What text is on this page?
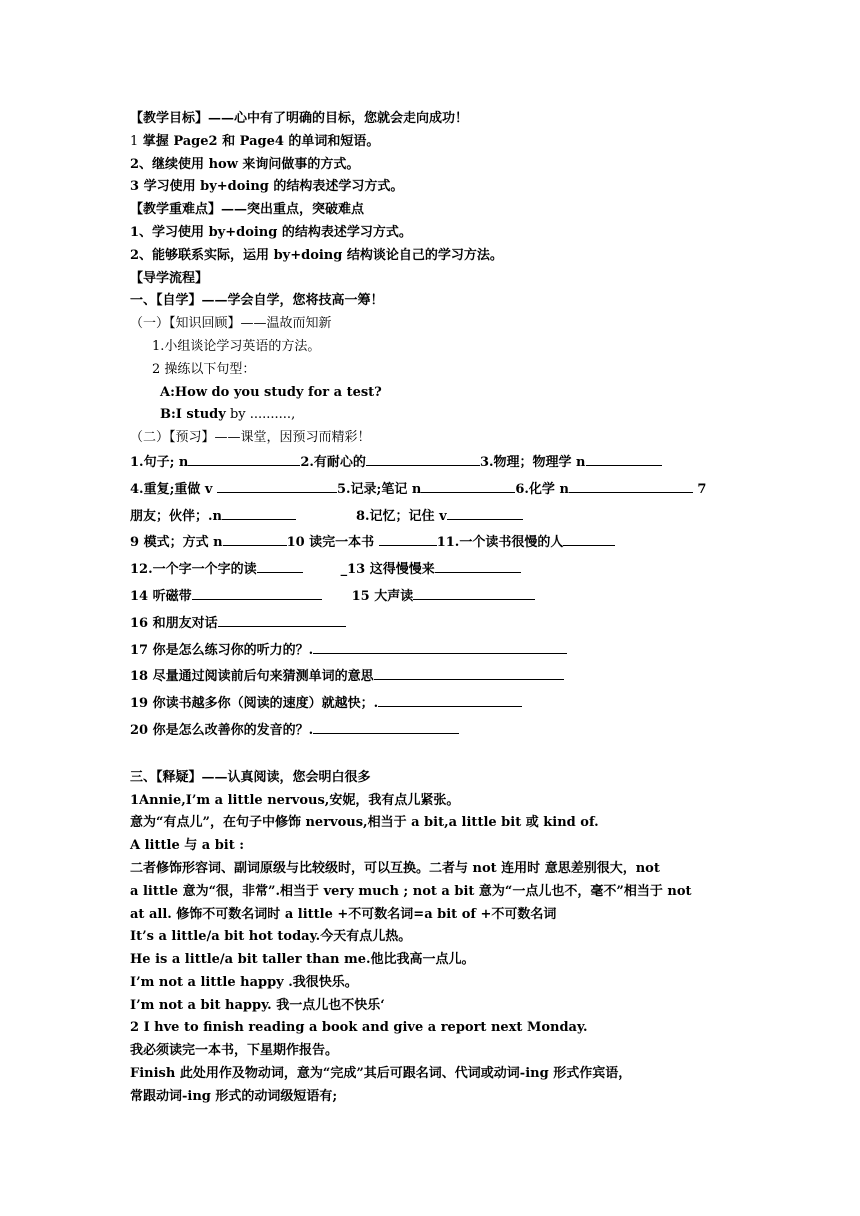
【教学目标】——心中有了明确的目标，您就会走向成功！
1 掌握 Page2 和 Page4 的单词和短语。
2、继续使用 how 来询问做事的方式。
3 学习使用 by+doing 的结构表述学习方式。
【教学重难点】——突出重点，突破难点
1、学习使用 by+doing 的结构表述学习方式。
2、能够联系实际，运用 by+doing 结构谈论自己的学习方法。
【导学流程】
一、【自学】——学会自学，您将技高一筹！
（一）【知识回顾】——温故而知新
1.小组谈论学习英语的方法。
2 操练以下句型：
A:How do you study for a test?
B:I study by ..........,
（二）【预习】——课堂，因预习而精彩！
1.句子; n	2.有耐心的	3.物理；物理学 n
4.重复;重做 v	5.记录;笔记 n	6.化学 n	7
朋友；伙伴；.n	8.记忆；记住 v
9 模式；方式 n	10 读完一本书	11.一个读书很慢的人
12.一个字一个字的读	_13 这得慢慢来
14 听磁带	15 大声读
16 和朋友对话
17 你是怎么练习你的听力的？.
18 尽量通过阅读前后句来猜测单词的意思
19 你读书越多你（阅读的速度）就越快；.
20 你是怎么改善你的发音的？.
三、【释疑】——认真阅读，您会明白很多
1Annie,I’m a little nervous,安妮，我有点儿紧张。
意为“有点儿”，在句子中修饰 nervous,相当于 a bit,a little bit 或 kind of.
A little 与 a bit :
二者修饰形容词、副词原级与比较级时，可以互换。二者与 not 连用时 意思差别很大，not
a little 意为“很，非常”.相当于 very much ; not a bit 意为“一点儿也不，毫不”相当于 not
at all. 修饰不可数名词时 a little +不可数名词=a bit of +不可数名词
It’s a little/a bit hot today.今天有点儿热。
He is a little/a bit taller than me.他比我高一点儿。
I’m not a little happy .我很快乐。
I’m not a bit happy. 我一点儿也不快乐‘
2 I hve to finish reading a book and give a report next Monday.
我必须读完一本书，下星期作报告。
Finish 此处用作及物动词，意为“完成”其后可跟名词、代词或动词-ing 形式作宾语，
常跟动词-ing 形式的动词级短语有;
